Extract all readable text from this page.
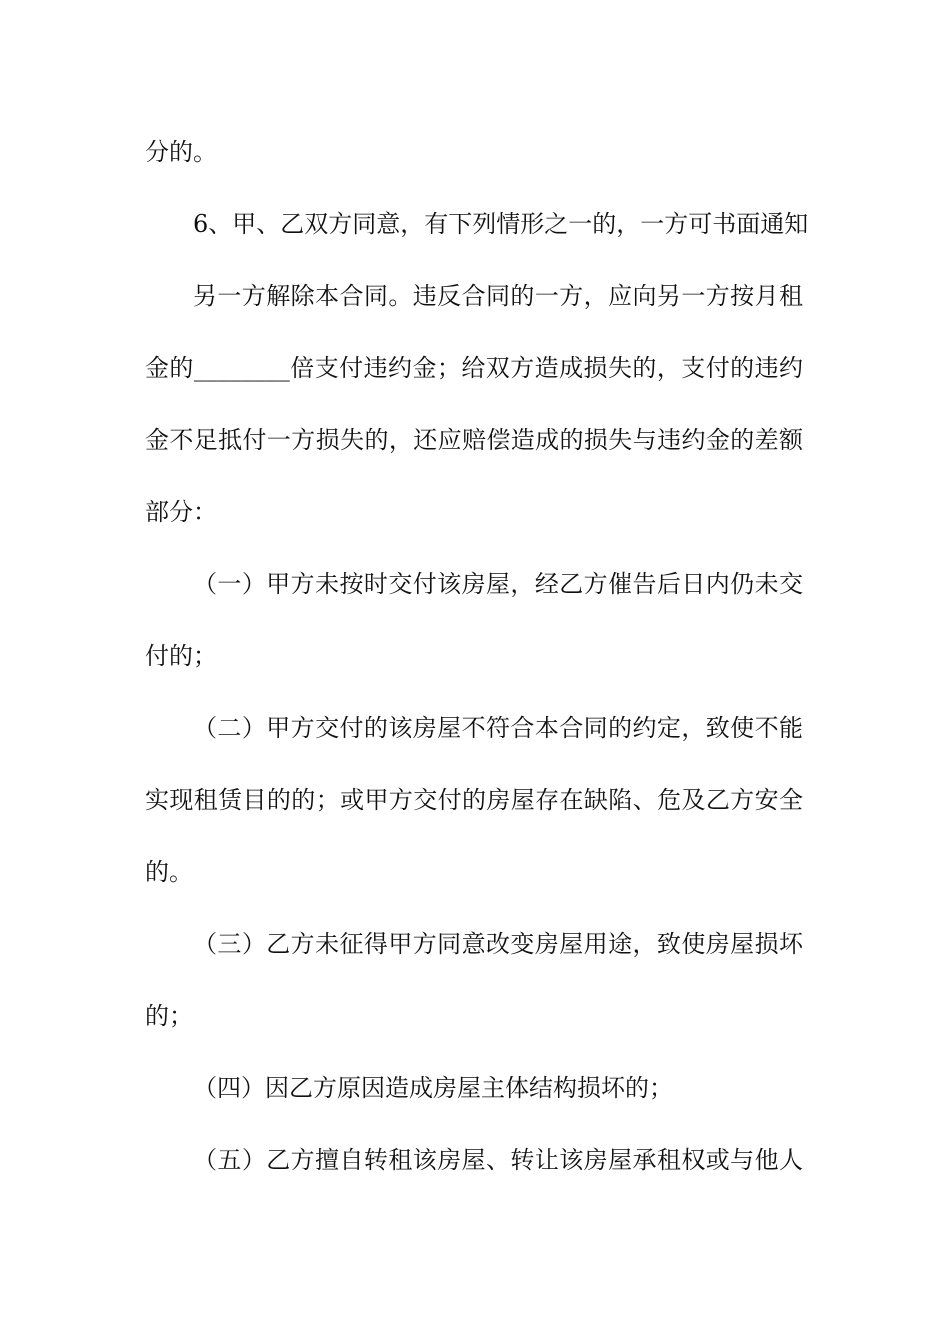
分的。
6、甲、乙双方同意，有下列情形之一的，一方可书面通知
另一方解除本合同。违反合同的一方，应向另一方按月租
金的________倍支付违约金；给双方造成损失的，支付的违约
金不足抵付一方损失的，还应赔偿造成的损失与违约金的差额
部分：
（一）甲方未按时交付该房屋，经乙方催告后日内仍未交
付的；
（二）甲方交付的该房屋不符合本合同的约定，致使不能
实现租赁目的的；或甲方交付的房屋存在缺陷、危及乙方安全
的。
（三）乙方未征得甲方同意改变房屋用途，致使房屋损坏
的；
（四）因乙方原因造成房屋主体结构损坏的；
（五）乙方擅自转租该房屋、转让该房屋承租权或与他人
